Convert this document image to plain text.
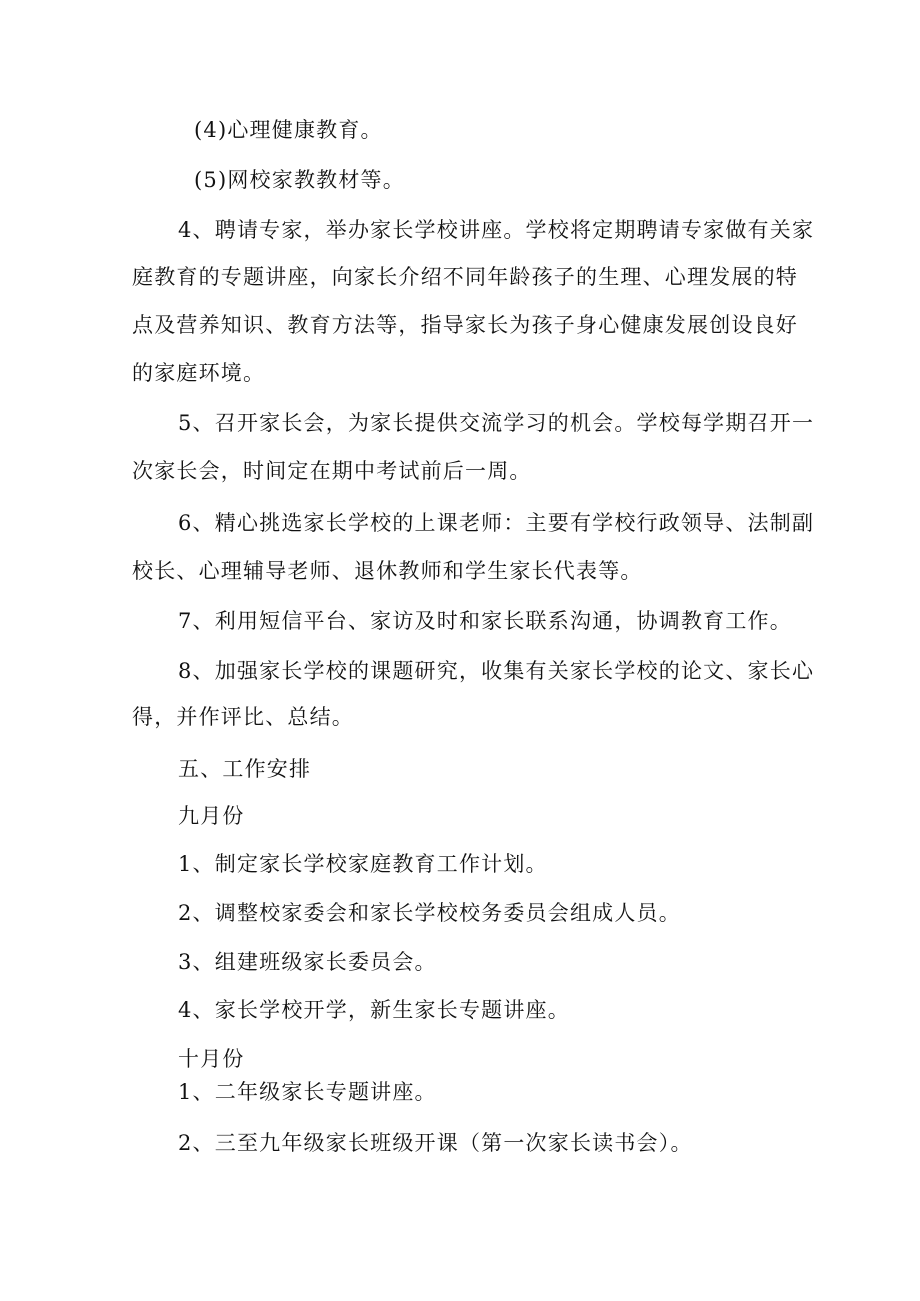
(4)心理健康教育。
(5)网校家教教材等。
4、聘请专家，举办家长学校讲座。学校将定期聘请专家做有关家
庭教育的专题讲座，向家长介绍不同年龄孩子的生理、心理发展的特
点及营养知识、教育方法等，指导家长为孩子身心健康发展创设良好
的家庭环境。
5、召开家长会，为家长提供交流学习的机会。学校每学期召开一
次家长会，时间定在期中考试前后一周。
6、精心挑选家长学校的上课老师：主要有学校行政领导、法制副
校长、心理辅导老师、退休教师和学生家长代表等。
7、利用短信平台、家访及时和家长联系沟通，协调教育工作。
8、加强家长学校的课题研究，收集有关家长学校的论文、家长心
得，并作评比、总结。
五、工作安排
九月份
1、制定家长学校家庭教育工作计划。
2、调整校家委会和家长学校校务委员会组成人员。
3、组建班级家长委员会。
4、家长学校开学，新生家长专题讲座。
十月份
1、二年级家长专题讲座。
2、三至九年级家长班级开课（第一次家长读书会）。
